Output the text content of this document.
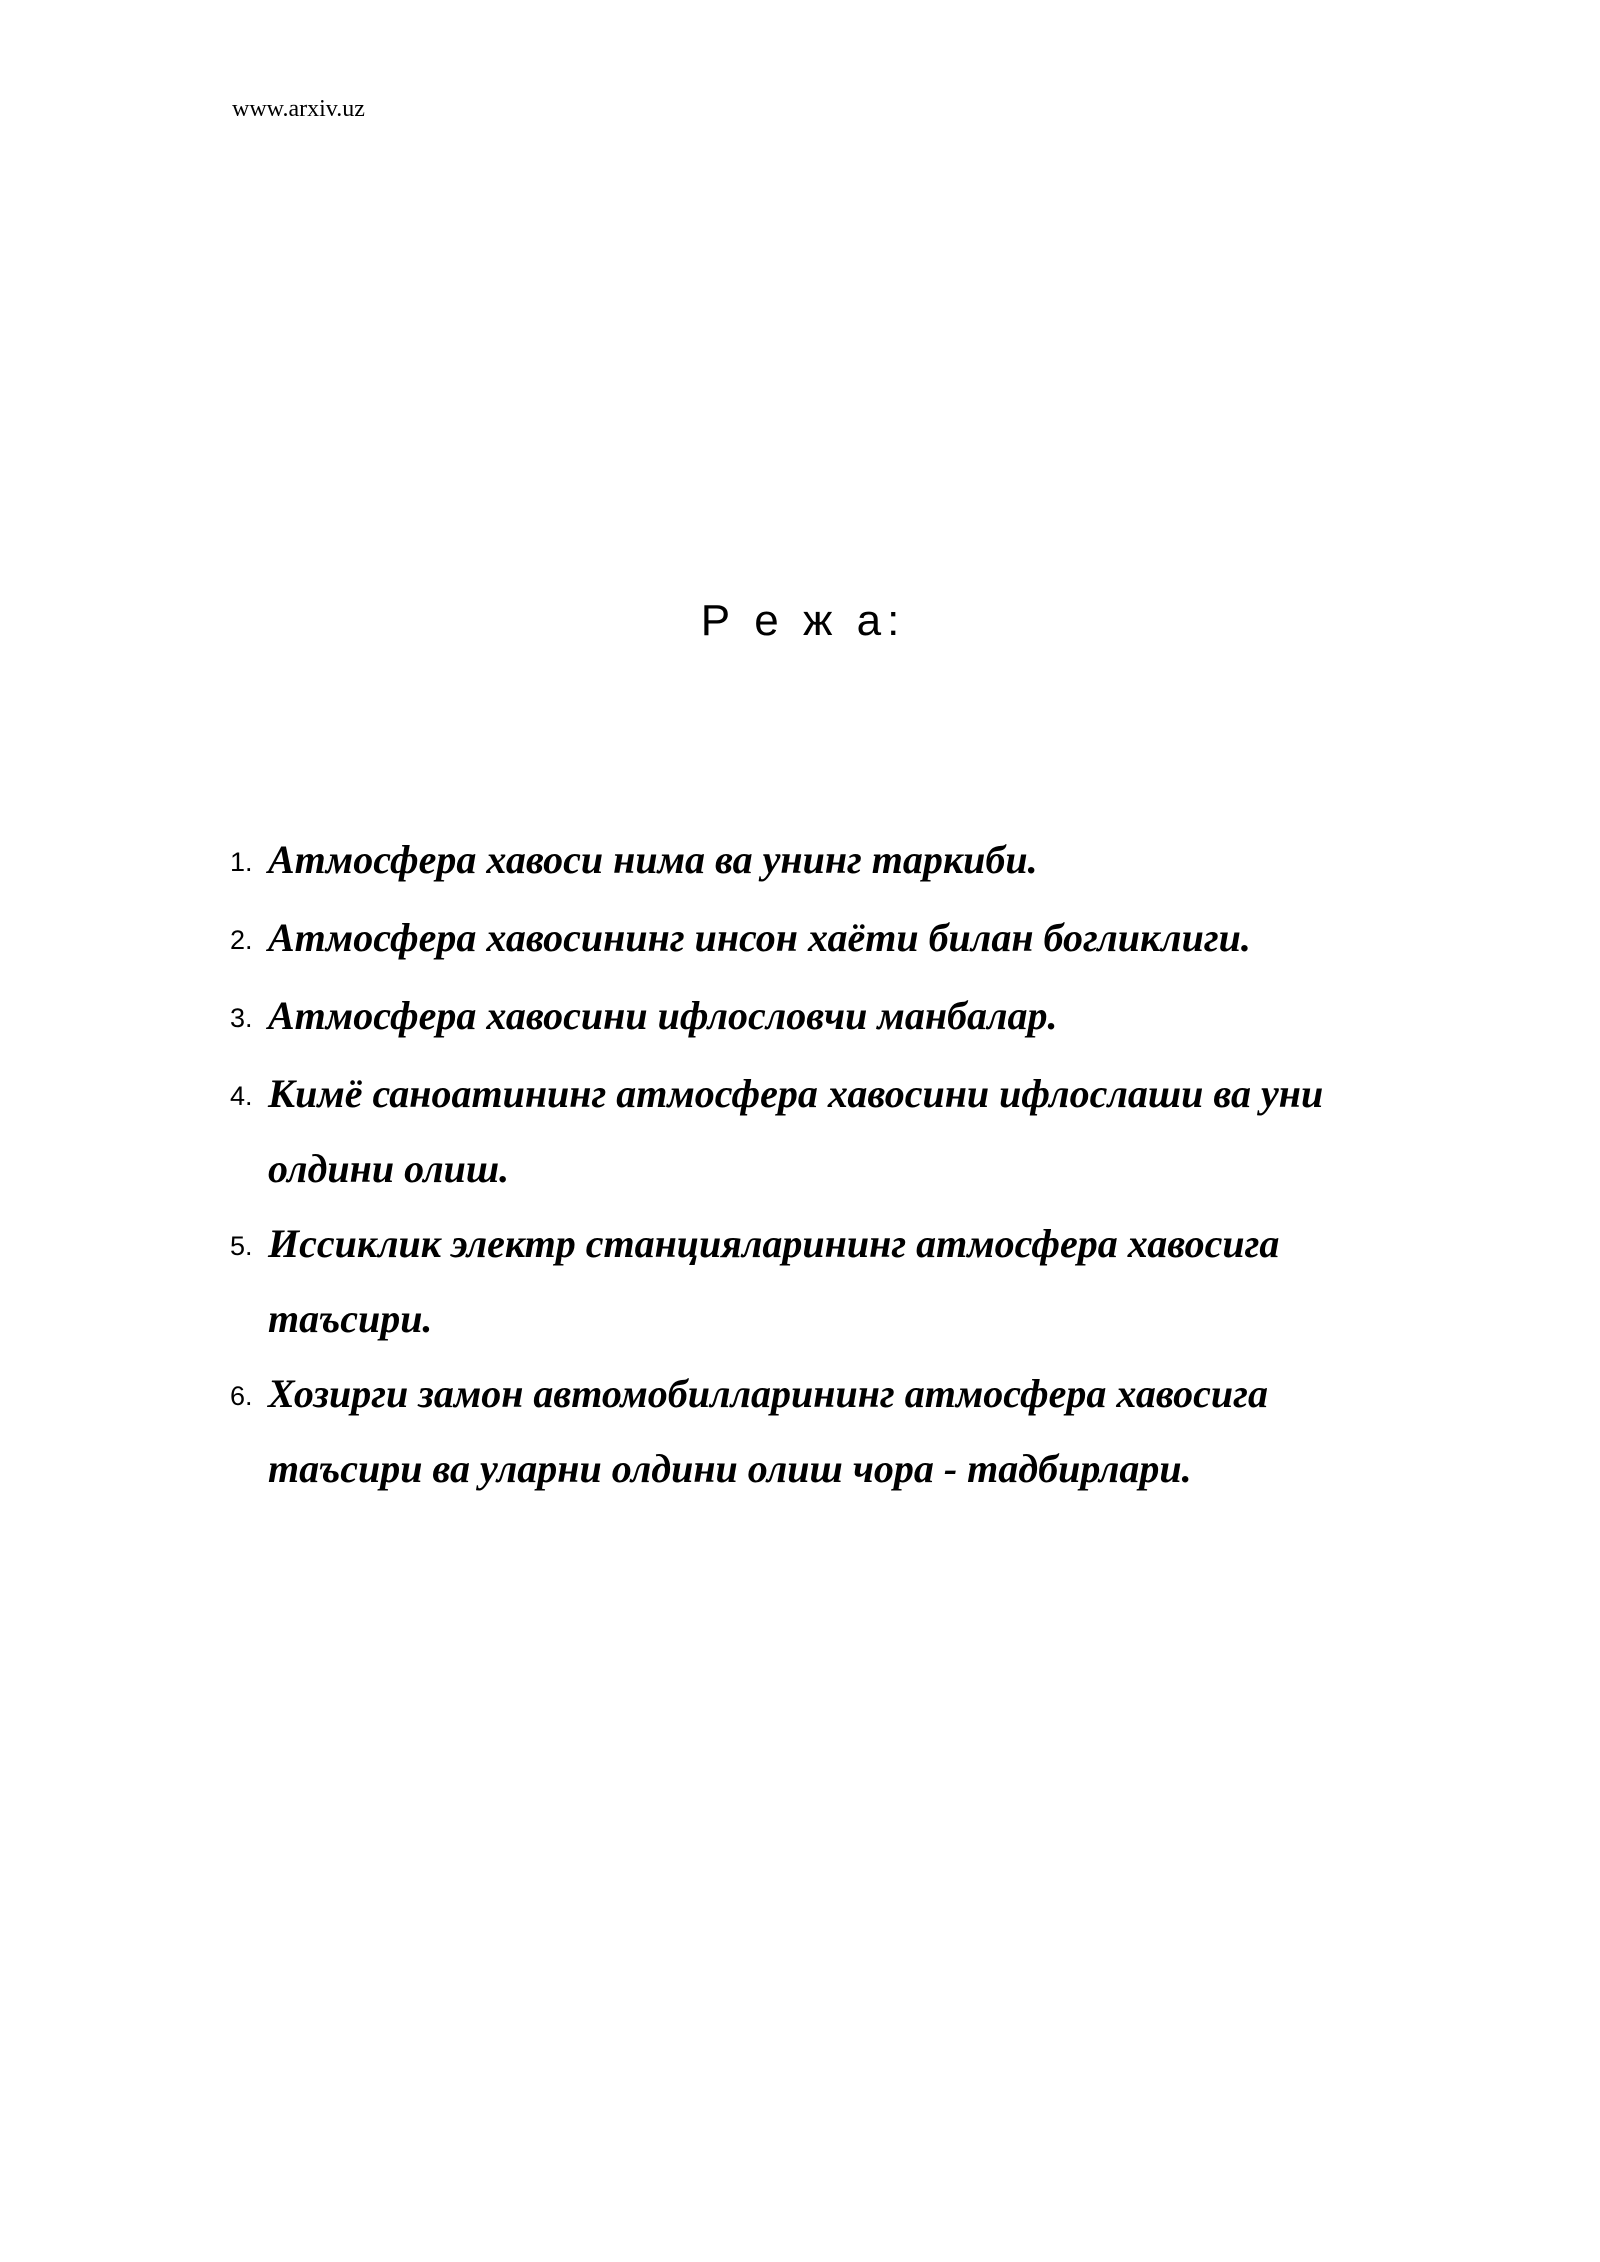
www.arxiv.uz
Р е ж а:
1. Атмосфера хавоси нима ва унинг таркиби.
2. Атмосфера хавосининг инсон хаёти билан богликлиги.
3. Атмосфера хавосини ифлословчи манбалар.
4. Кимё саноатининг атмосфера хавосини ифлослаши ва уни олдини олиш.
5. Иссиклик электр станцияларининг атмосфера хавосига таъсири.
6. Хозирги замон автомобилларининг атмосфера хавосига таъсири ва уларни олдини олиш чора - тадбирлари.
